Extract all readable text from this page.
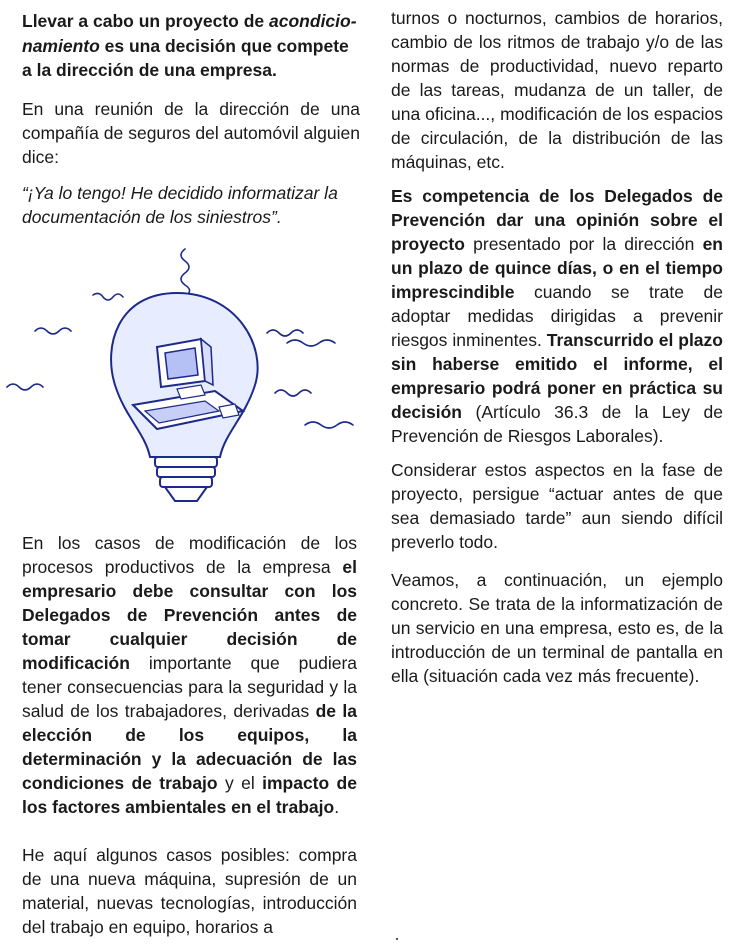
Llevar a cabo un proyecto de acondicio-namiento es una decisión que compete a la dirección de una empresa.

En una reunión de la dirección de una compañía de seguros del automóvil alguien dice:

“¡Ya lo tengo! He decidido informatizar la documentación de los siniestros”.

En los casos de modificación de los procesos productivos de la empresa el empresario debe consultar con los Delegados de Prevención antes de tomar cualquier decisión de modificación importante que pudiera tener consecuencias para la seguridad y la salud de los trabajadores, derivadas de la elección de los equipos, la determinación y la adecuación de las condiciones de trabajo y el impacto de los factores ambientales en el trabajo.

He aquí algunos casos posibles: compra de una nueva máquina, supresión de un material, nuevas tecnologías, introducción del trabajo en equipo, horarios a

turnos o nocturnos, cambios de horarios, cambio de los ritmos de trabajo y/o de las normas de productividad, nuevo reparto de las tareas, mudanza de un taller, de una oficina..., modificación de los espacios de circulación, de la distribución de las máquinas, etc.

Es competencia de los Delegados de Prevención dar una opinión sobre el proyecto presentado por la dirección en un plazo de quince días, o en el tiempo imprescindible cuando se trate de adoptar medidas dirigidas a prevenir riesgos inminentes. Transcurrido el plazo sin haberse emitido el informe, el empresario podrá poner en práctica su decisión (Artículo 36.3 de la Ley de Prevención de Riesgos Laborales).

Considerar estos aspectos en la fase de proyecto, persigue “actuar antes de que sea demasiado tarde” aun siendo difícil preverlo todo.

Veamos, a continuación, un ejemplo concreto. Se trata de la informatización de un servicio en una empresa, esto es, de la introducción de un terminal de pantalla en ella (situación cada vez más frecuente).
